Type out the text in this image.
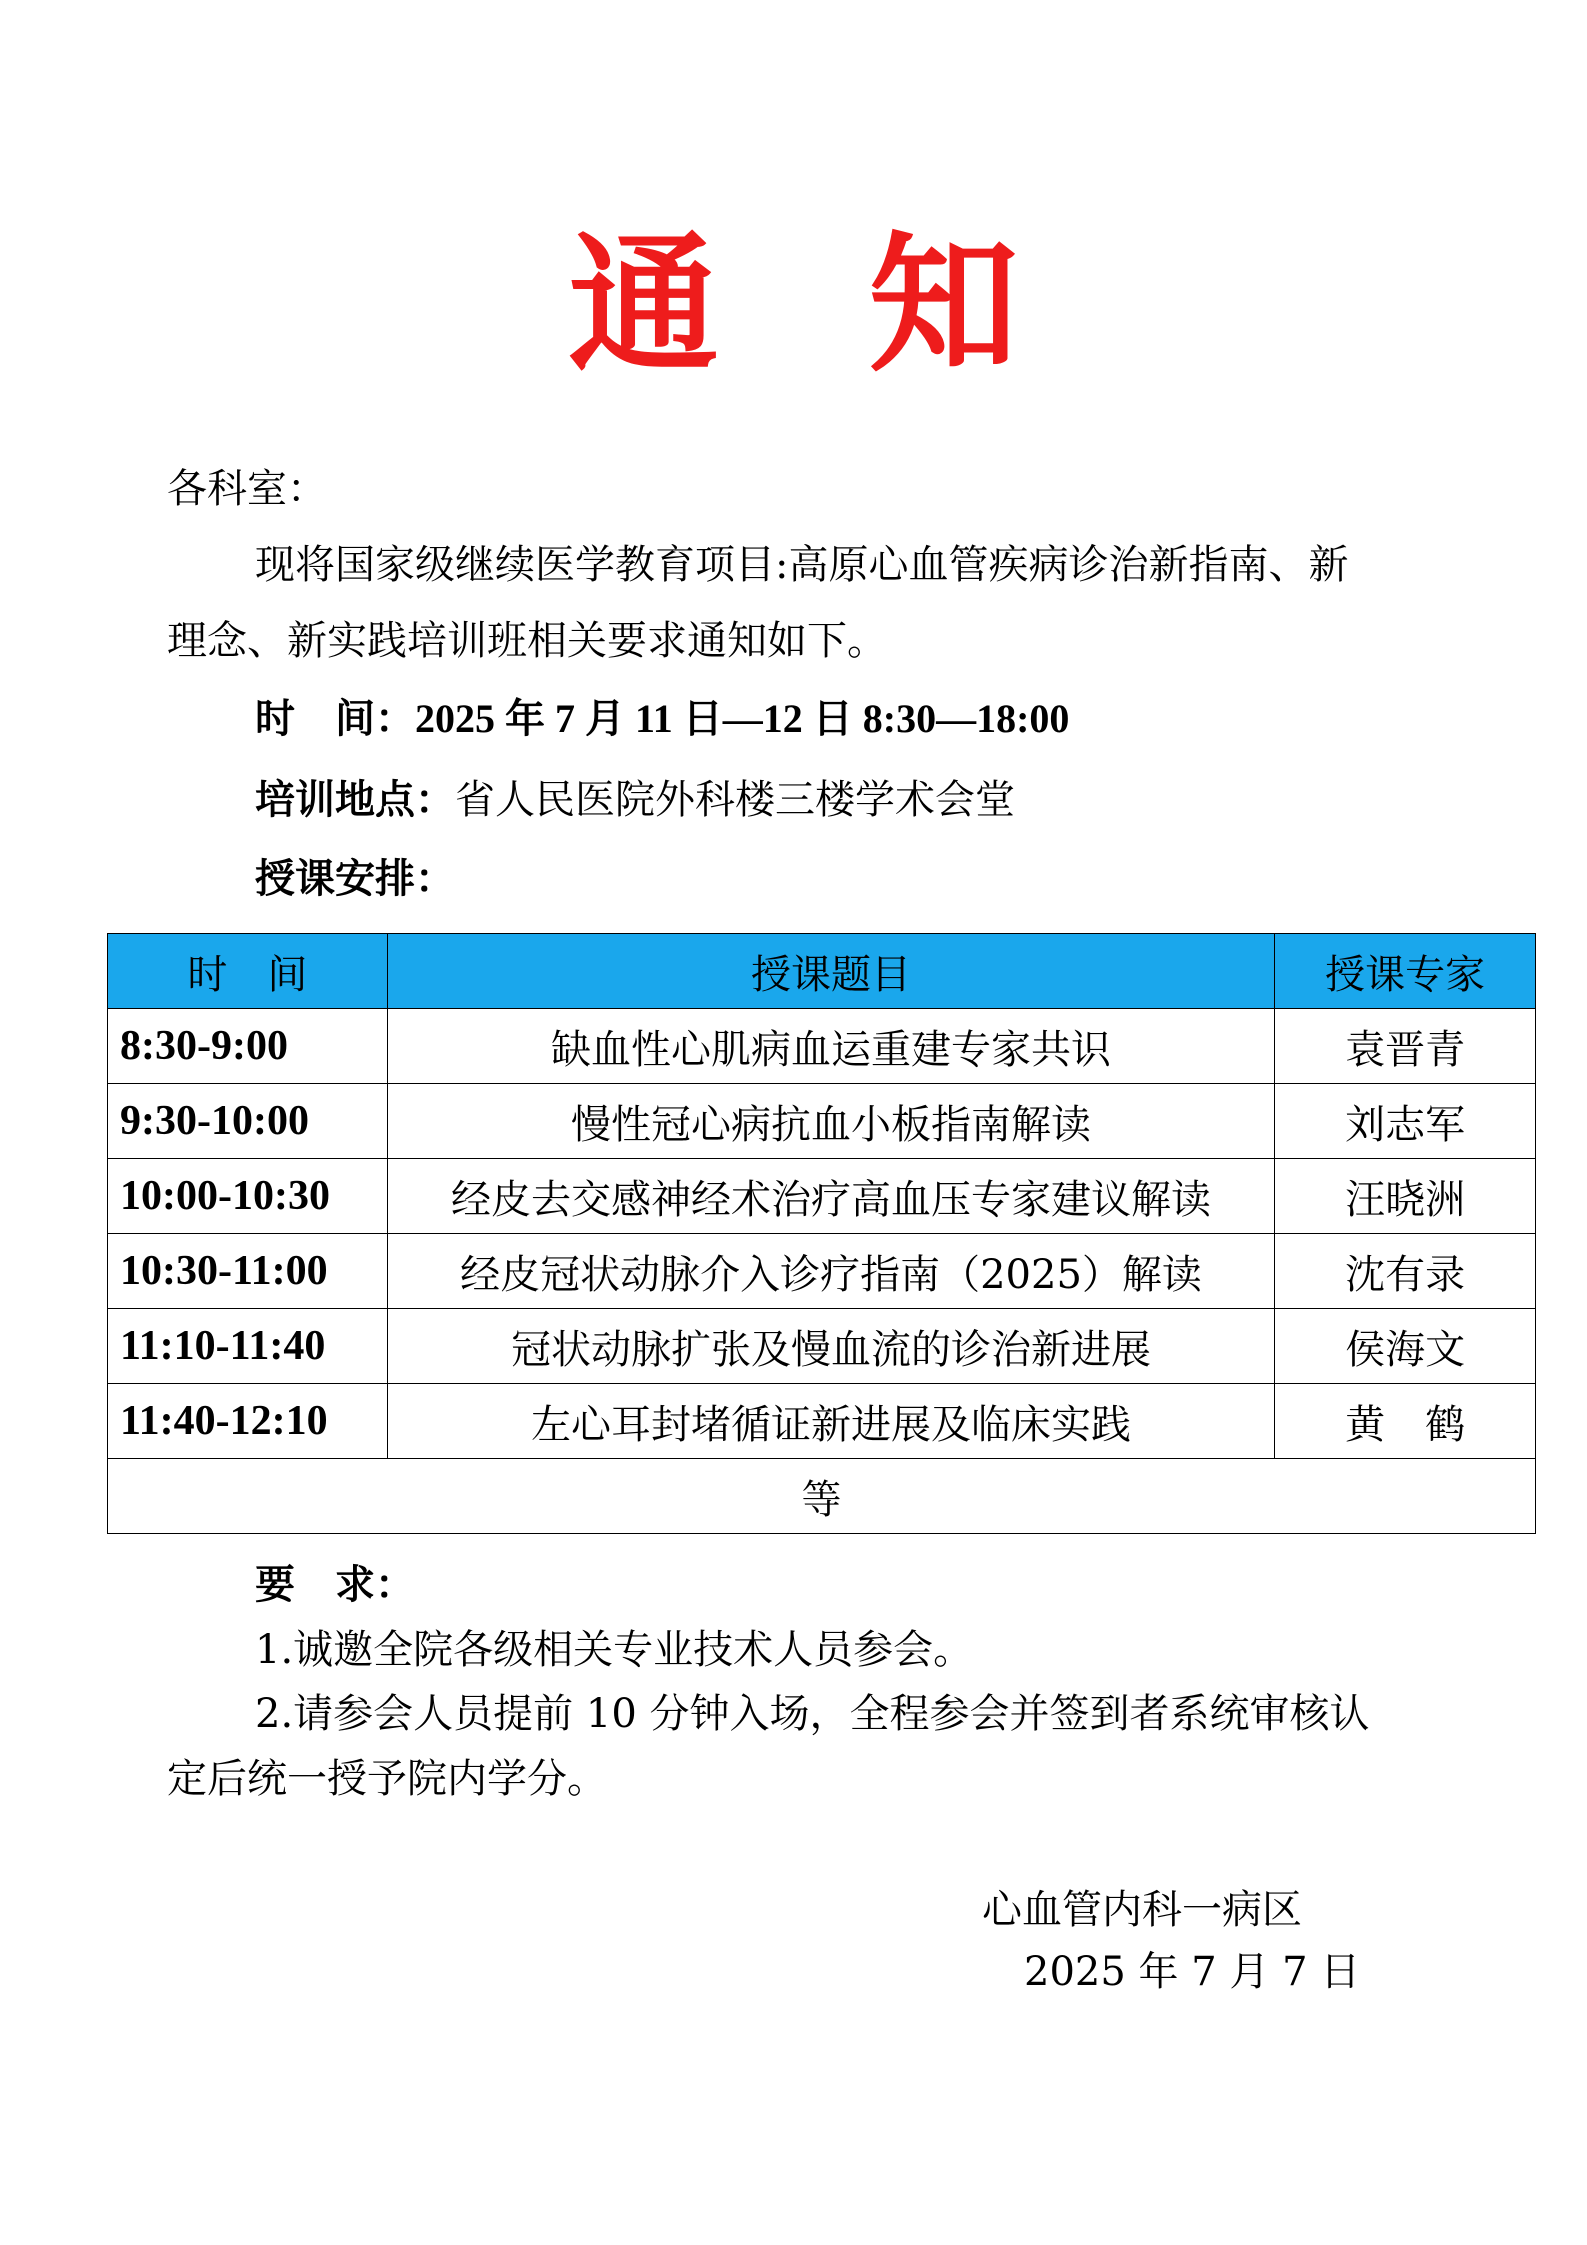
通 知
各科室：
现将国家级继续医学教育项目:高原心血管疾病诊治新指南、新
理念、新实践培训班相关要求通知如下。
时　间：2025 年 7 月 11 日—12 日 8:30—18:00
培训地点：省人民医院外科楼三楼学术会堂
授课安排：
时　间	授课题目	授课专家
8:30-9:00	缺血性心肌病血运重建专家共识	袁晋青
9:30-10:00	慢性冠心病抗血小板指南解读	刘志军
10:00-10:30	经皮去交感神经术治疗高血压专家建议解读	汪晓洲
10:30-11:00	经皮冠状动脉介入诊疗指南（2025）解读	沈有录
11:10-11:40	冠状动脉扩张及慢血流的诊治新进展	侯海文
11:40-12:10	左心耳封堵循证新进展及临床实践	黄　鹤
等		
要　求：
1.诚邀全院各级相关专业技术人员参会。
2.请参会人员提前 10 分钟入场，全程参会并签到者系统审核认
定后统一授予院内学分。
心血管内科一病区
2025 年 7 月 7 日
